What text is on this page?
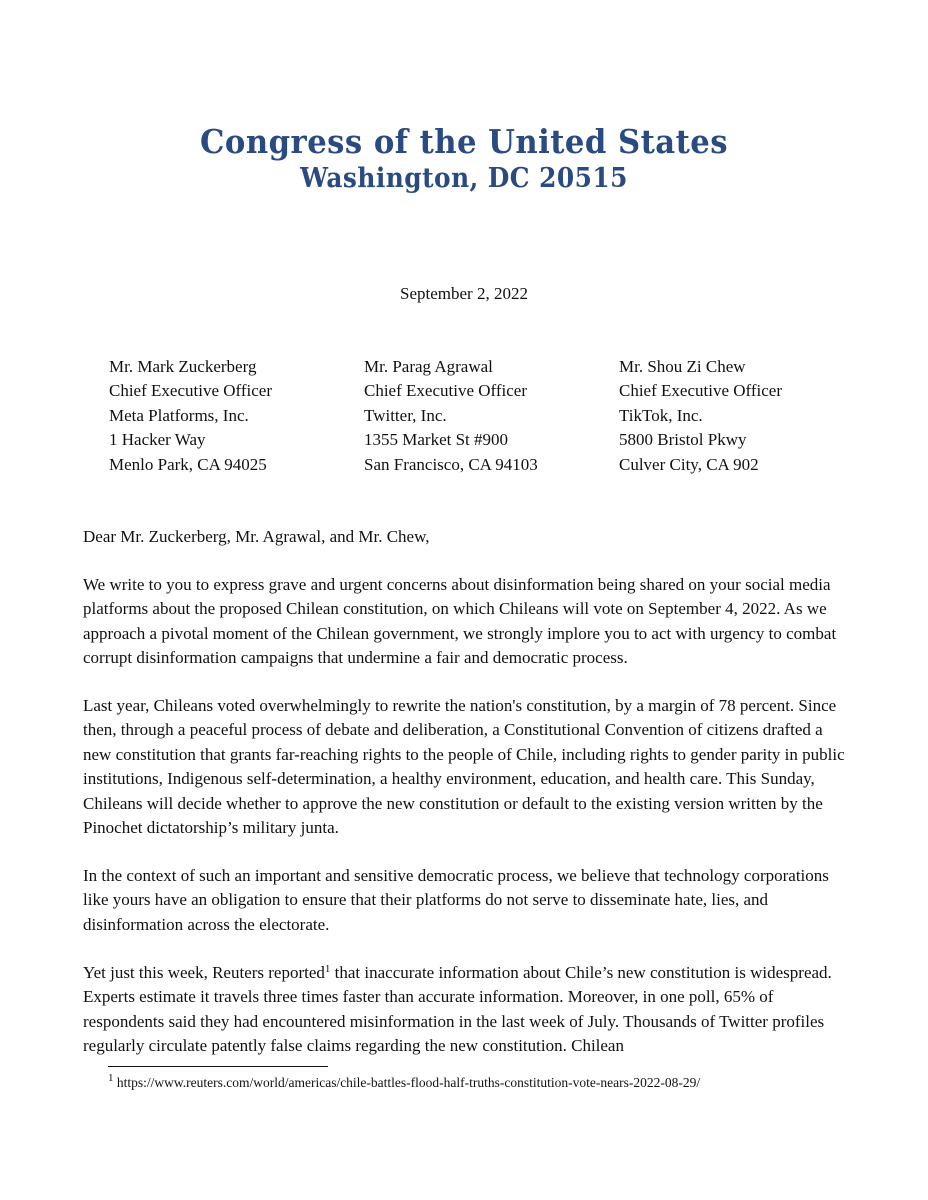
Congress of the United States
Washington, DC 20515
September 2, 2022
Mr. Mark Zuckerberg
Chief Executive Officer
Meta Platforms, Inc.
1 Hacker Way
Menlo Park, CA 94025
Mr. Parag Agrawal
Chief Executive Officer
Twitter, Inc.
1355 Market St #900
San Francisco, CA 94103
Mr. Shou Zi Chew
Chief Executive Officer
TikTok, Inc.
5800 Bristol Pkwy
Culver City, CA 902

Dear Mr. Zuckerberg, Mr. Agrawal, and Mr. Chew,

We write to you to express grave and urgent concerns about disinformation being shared on your social media platforms about the proposed Chilean constitution, on which Chileans will vote on September 4, 2022. As we approach a pivotal moment of the Chilean government, we strongly implore you to act with urgency to combat corrupt disinformation campaigns that undermine a fair and democratic process.

Last year, Chileans voted overwhelmingly to rewrite the nation's constitution, by a margin of 78 percent. Since then, through a peaceful process of debate and deliberation, a Constitutional Convention of citizens drafted a new constitution that grants far-reaching rights to the people of Chile, including rights to gender parity in public institutions, Indigenous self-determination, a healthy environment, education, and health care. This Sunday, Chileans will decide whether to approve the new constitution or default to the existing version written by the Pinochet dictatorship’s military junta.

In the context of such an important and sensitive democratic process, we believe that technology corporations like yours have an obligation to ensure that their platforms do not serve to disseminate hate, lies, and disinformation across the electorate.

Yet just this week, Reuters reported$^1$ that inaccurate information about Chile’s new constitution is widespread. Experts estimate it travels three times faster than accurate information. Moreover, in one poll, 65% of respondents said they had encountered misinformation in the last week of July. Thousands of Twitter profiles regularly circulate patently false claims regarding the new constitution. Chilean

$^1$ https://www.reuters.com/world/americas/chile-battles-flood-half-truths-constitution-vote-nears-2022-08-29/
